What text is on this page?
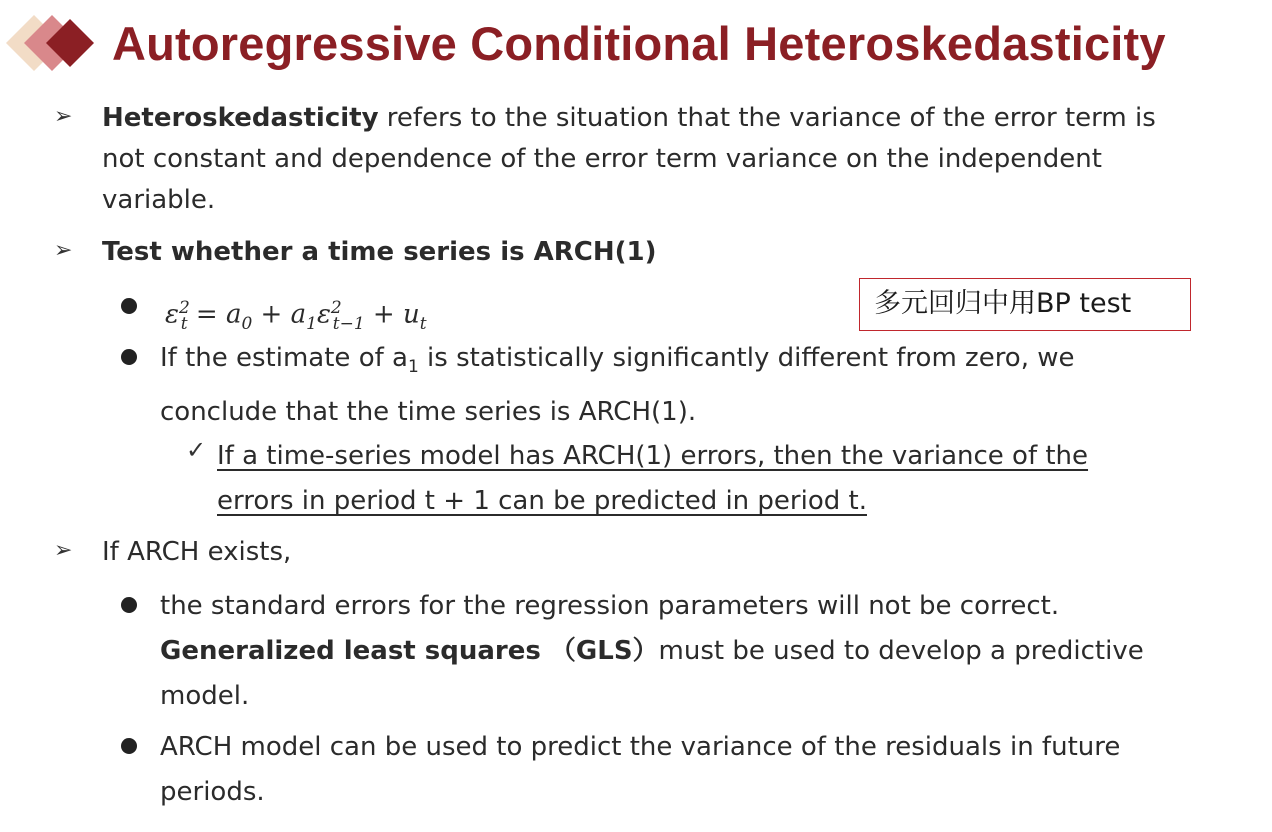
Autoregressive Conditional Heteroskedasticity
➢ Heteroskedasticity refers to the situation that the variance of the error term is
not constant and dependence of the error term variance on the independent
variable.
➢ Test whether a time series is ARCH(1)
$\varepsilon^2_t = a_0 + a_1\varepsilon^2_{t-1} + u_t$
多元回归中用BP test
If the estimate of $a_1$ is statistically significantly different from zero, we
conclude that the time series is ARCH(1).
✓ If a time-series model has ARCH(1) errors, then the variance of the
errors in period t + 1 can be predicted in period t.
➢ If ARCH exists,
the standard errors for the regression parameters will not be correct.
Generalized least squares （GLS）must be used to develop a predictive
model.
ARCH model can be used to predict the variance of the residuals in future
periods.
